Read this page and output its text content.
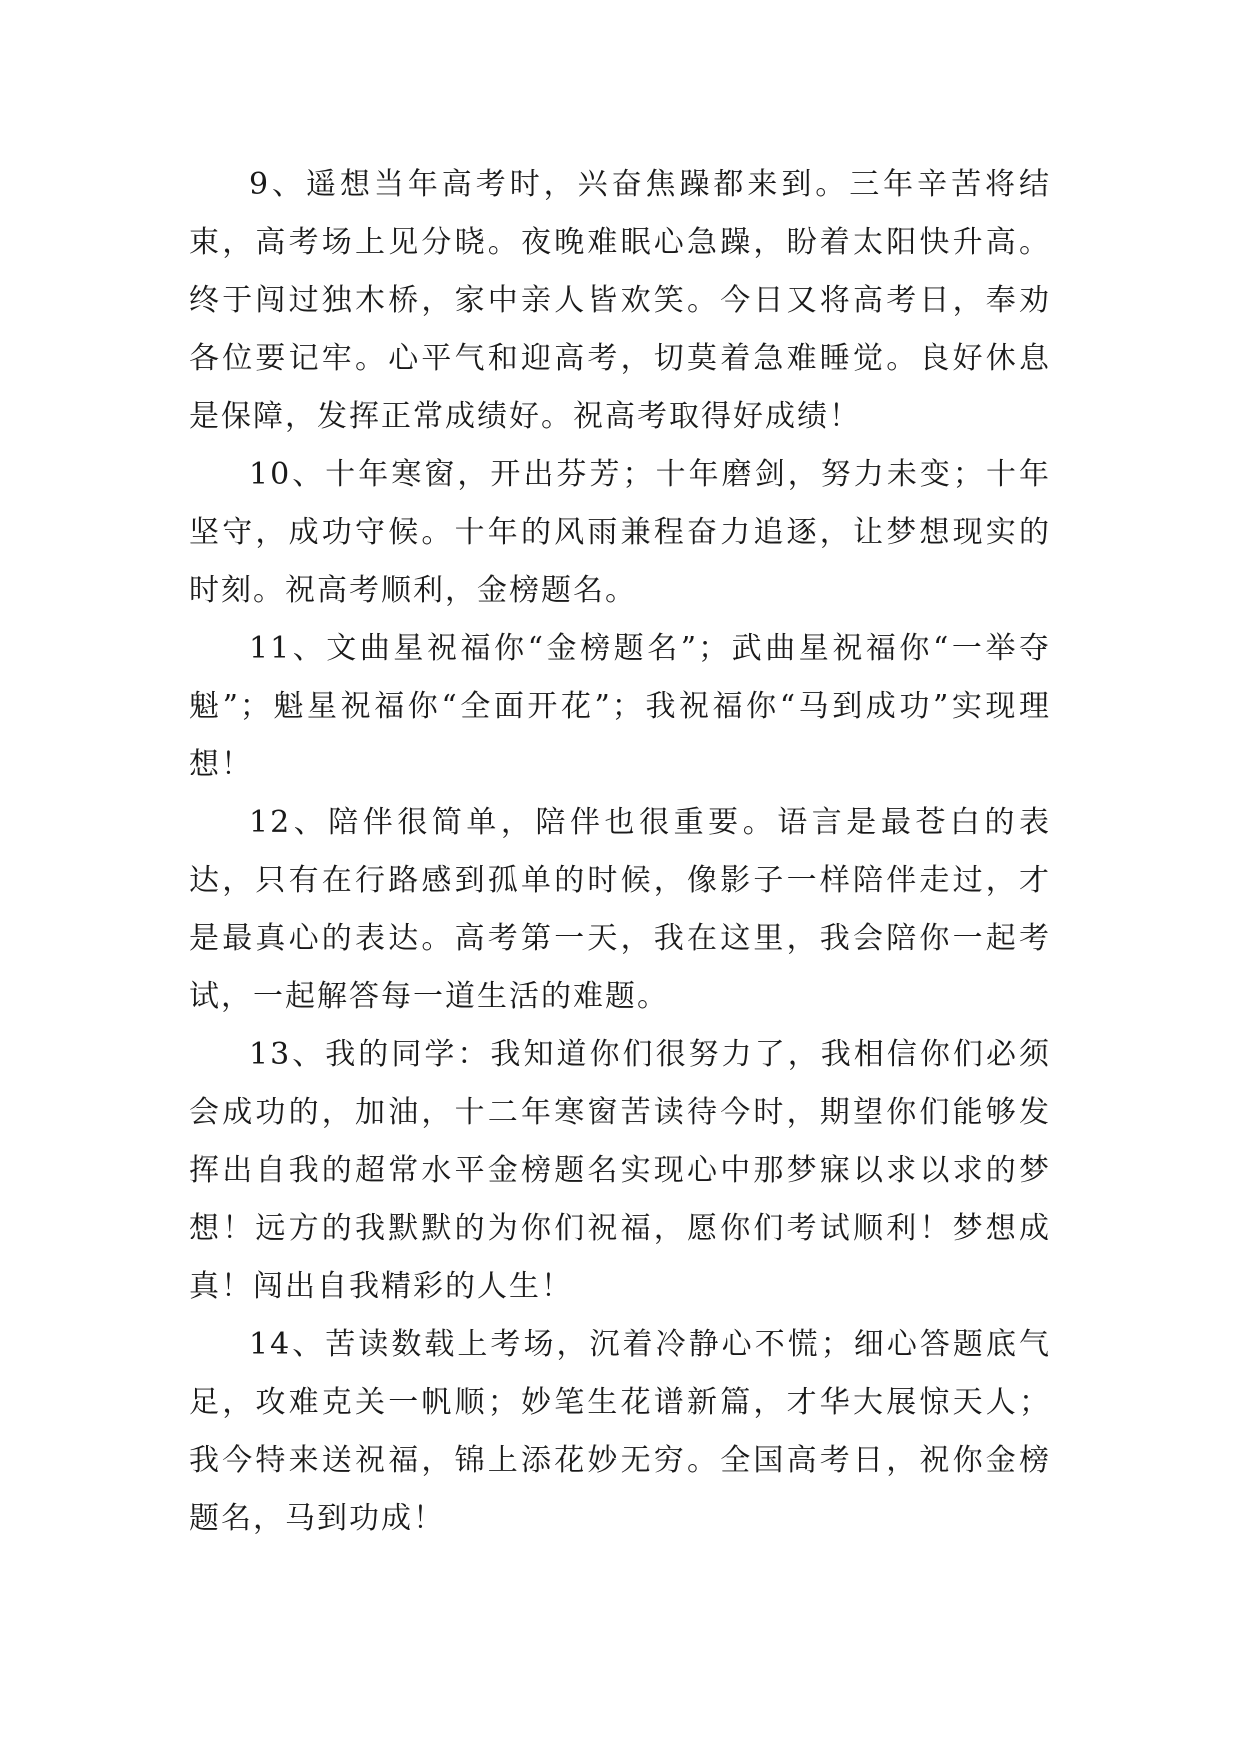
9、遥想当年高考时，兴奋焦躁都来到。三年辛苦将结束，高考场上见分晓。夜晚难眠心急躁，盼着太阳快升高。终于闯过独木桥，家中亲人皆欢笑。今日又将高考日，奉劝各位要记牢。心平气和迎高考，切莫着急难睡觉。良好休息是保障，发挥正常成绩好。祝高考取得好成绩！

10、十年寒窗，开出芬芳；十年磨剑，努力未变；十年坚守，成功守候。十年的风雨兼程奋力追逐，让梦想现实的时刻。祝高考顺利，金榜题名。

11、文曲星祝福你“金榜题名”；武曲星祝福你“一举夺魁”；魁星祝福你“全面开花”；我祝福你“马到成功”实现理想！

12、陪伴很简单，陪伴也很重要。语言是最苍白的表达，只有在行路感到孤单的时候，像影子一样陪伴走过，才是最真心的表达。高考第一天，我在这里，我会陪你一起考试，一起解答每一道生活的难题。

13、我的同学：我知道你们很努力了，我相信你们必须会成功的，加油，十二年寒窗苦读待今时，期望你们能够发挥出自我的超常水平金榜题名实现心中那梦寐以求以求的梦想！远方的我默默的为你们祝福，愿你们考试顺利！梦想成真！闯出自我精彩的人生！

14、苦读数载上考场，沉着冷静心不慌；细心答题底气足，攻难克关一帆顺；妙笔生花谱新篇，才华大展惊天人；我今特来送祝福，锦上添花妙无穷。全国高考日，祝你金榜题名，马到功成！
